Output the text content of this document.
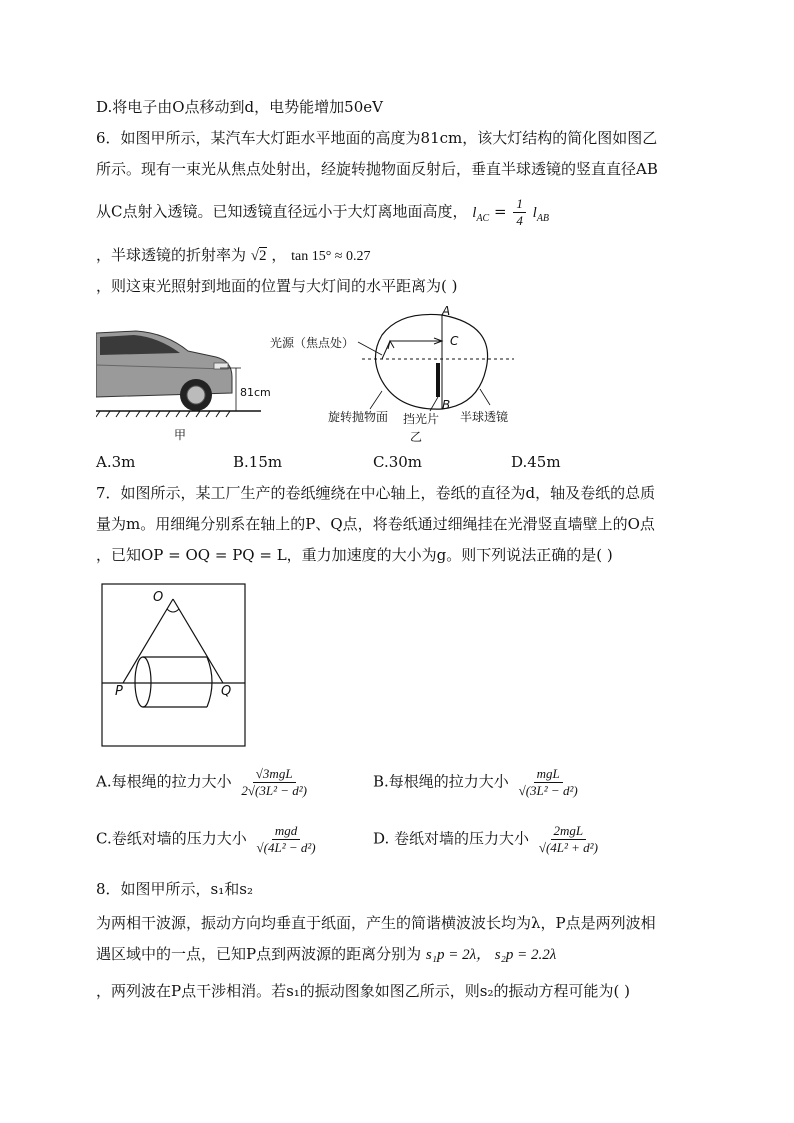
D.将电子由O点移动到d，电势能增加50eV
6．如图甲所示，某汽车大灯距水平地面的高度为81cm，该大灯结构的简化图如图乙
所示。现有一束光从焦点处射出，经旋转抛物面反射后，垂直半球透镜的竖直直径AB
从C点射入透镜。已知透镜直径远小于大灯离地面高度， $l_{AC} = \frac{1}{4} l_{AB}$
，半球透镜的折射率为 √2 ， tan 15° ≈ 0.27
，则这束光照射到地面的位置与大灯间的水平距离为( )
81cm
甲
光源（焦点处）
旋转抛物面 挡光片 半球透镜
A
B
C
乙
A.3m	B.15m	C.30m	D.45m
7．如图所示，某工厂生产的卷纸缠绕在中心轴上，卷纸的直径为d，轴及卷纸的总质
量为m。用细绳分别系在轴上的P、Q点，将卷纸通过细绳挂在光滑竖直墙壁上的O点
，已知OP = OQ = PQ = L，重力加速度的大小为g。则下列说法正确的是( )
O
P	Q
A.每根绳的拉力大小 $\frac{\text{√3mgL}}{\text{2√(3L² − d²)}}$	B.每根绳的拉力大小 $\frac{\text{mgL}}{\text{√(3L² − d²)}}$
C.卷纸对墙的压力大小 $\frac{\text{mgd}}{\text{√(4L² − d²)}}$	D. 卷纸对墙的压力大小 $\frac{\text{2mgL}}{\text{√(4L² + d²)}}$
8．如图甲所示，s₁和s₂
为两相干波源，振动方向均垂直于纸面，产生的简谐横波波长均为λ，P点是两列波相
遇区域中的一点，已知P点到两波源的距离分别为 s₁p = 2λ， s₂p = 2.2λ
，两列波在P点干涉相消。若s₁的振动图象如图乙所示，则s₂的振动方程可能为( )
